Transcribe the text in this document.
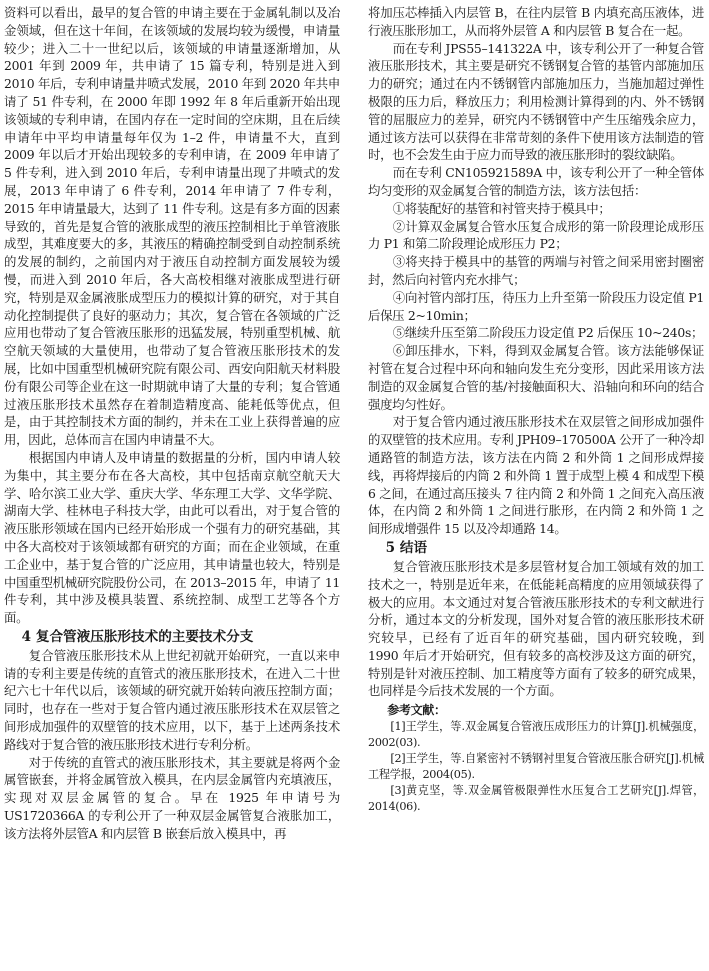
资料可以看出，最早的复合管的申请主要在于金属轧制以及冶金领域，但在这十年间，在该领域的发展均较为缓慢，申请量较少；进入二十一世纪以后，该领域的申请量逐渐增加，从 2001 年到 2009 年，共申请了 15 篇专利，特别是进入到 2010 年后，专利申请量井喷式发展，2010 年到 2020 年共申请了 51 件专利，在 2000 年即 1992 年 8 年后重新开始出现该领域的专利申请，在国内存在一定时间的空床期，且在后续申请年中平均申请量每年仅为 1–2 件，申请量不大，直到 2009 年以后才开始出现较多的专利申请，在 2009 年申请了 5 件专利，进入到 2010 年后，专利申请量出现了井喷式的发展，2013 年申请了 6 件专利，2014 年申请了 7 件专利，2015 年申请量最大，达到了 11 件专利。这是有多方面的因素导致的，首先是复合管的液胀成型的液压控制相比于单管液胀成型，其难度要大的多，其液压的精确控制受到自动控制系统的发展的制约，之前国内对于液压自动控制方面发展较为缓慢，而进入到 2010 年后，各大高校相继对液胀成型进行研究，特别是双金属液胀成型压力的模拟计算的研究，对于其自动化控制提供了良好的驱动力；其次，复合管在各领域的广泛应用也带动了复合管液压胀形的迅猛发展，特别重型机械、航空航天领域的大量使用，也带动了复合管液压胀形技术的发展，比如中国重型机械研究院有限公司、西安向阳航天材料股份有限公司等企业在这一时期就申请了大量的专利；复合管通过液压胀形技术虽然存在着制造精度高、能耗低等优点，但是，由于其控制技术方面的制约，并未在工业上获得普遍的应用，因此，总体而言在国内申请量不大。

根据国内申请人及申请量的数据量的分析，国内申请人较为集中，其主要分布在各大高校，其中包括南京航空航天大学、哈尔滨工业大学、重庆大学、华东理工大学、文华学院、湖南大学、桂林电子科技大学，由此可以看出，对于复合管的液压胀形领域在国内已经开始形成一个强有力的研究基础，其中各大高校对于该领域都有研究的方面；而在企业领域，在重工企业中，基于复合管的广泛应用，其申请量也较大，特别是中国重型机械研究院股份公司，在 2013–2015 年，申请了 11 件专利，其中涉及模具装置、系统控制、成型工艺等各个方面。

4 复合管液压胀形技术的主要技术分支

复合管液压胀形技术从上世纪初就开始研究，一直以来申请的专利主要是传统的直管式的液压胀形技术，在进入二十世纪六七十年代以后，该领域的研究就开始转向液压控制方面；同时，也存在一些对于复合管内通过液压胀形技术在双层管之间形成加强件的双壁管的技术应用，以下，基于上述两条技术路线对于复合管的液压胀形技术进行专利分析。

对于传统的直管式的液压胀形技术，其主要就是将两个金属管嵌套，并将金属管放入模具，在内层金属管内充填液压，实现对双层金属管的复合。早在 1925 年申请号为 US1720366A 的专利公开了一种双层金属管复合液胀加工，该方法将外层管A 和内层管 B 嵌套后放入模具中，再

将加压芯棒插入内层管 B，在往内层管 B 内填充高压液体，进行液压胀形加工，从而将外层管 A 和内层管 B 复合在一起。

而在专利 JPS55–141322A 中，该专利公开了一种复合管液压胀形技术，其主要是研究不锈钢复合管的基管内部施加压力的研究；通过在内不锈钢管内部施加压力，当施加超过弹性极限的压力后，释放压力；利用检测计算得到的内、外不锈钢管的屈服应力的差异，研究内不锈钢管中产生压缩残余应力，通过该方法可以获得在非常苛刻的条件下使用该方法制造的管时，也不会发生由于应力而导致的液压胀形时的裂纹缺陷。

而在专利 CN105921589A 中，该专利公开了一种全管体均匀变形的双金属复合管的制造方法，该方法包括：

①将装配好的基管和衬管夹持于模具中；

②计算双金属复合管水压复合成形的第一阶段理论成形压力 P1 和第二阶段理论成形压力 P2；

③将夹持于模具中的基管的两端与衬管之间采用密封圈密封，然后向衬管内充水排气；

④向衬管内部打压，待压力上升至第一阶段压力设定值 P1 后保压 2~10min；

⑤继续升压至第二阶段压力设定值 P2 后保压 10~240s；

⑥卸压排水，下料，得到双金属复合管。该方法能够保证衬管在复合过程中环向和轴向发生充分变形，因此采用该方法制造的双金属复合管的基/衬接触面积大、沿轴向和环向的结合强度均匀性好。

对于复合管内通过液压胀形技术在双层管之间形成加强件的双壁管的技术应用。专利 JPH09–170500A 公开了一种冷却通路管的制造方法，该方法在内筒 2 和外筒 1 之间形成焊接线，再将焊接后的内筒 2 和外筒 1 置于成型上模 4 和成型下模 6 之间，在通过高压接头 7 往内筒 2 和外筒 1 之间充入高压液体，在内筒 2 和外筒 1 之间进行胀形，在内筒 2 和外筒 1 之间形成增强件 15 以及冷却通路 14。

5 结语

复合管液压胀形技术是多层管材复合加工领域有效的加工技术之一，特别是近年来，在低能耗高精度的应用领域获得了极大的应用。本文通过对复合管液压胀形技术的专利文献进行分析，通过本文的分析发现，国外对复合管的液压胀形技术研究较早，已经有了近百年的研究基础，国内研究较晚，到 1990 年后才开始研究，但有较多的高校涉及这方面的研究，特别是针对液压控制、加工精度等方面有了较多的研究成果，也同样是今后技术发展的一个方面。

参考文献：

[1]王学生，等.双金属复合管液压成形压力的计算[J].机械强度，2002(03).

[2]王学生，等.自紧密衬不锈钢衬里复合管液压胀合研究[J].机械工程学报，2004(05).

[3]黄克坚，等.双金属管极限弹性水压复合工艺研究[J].焊管，2014(06).
